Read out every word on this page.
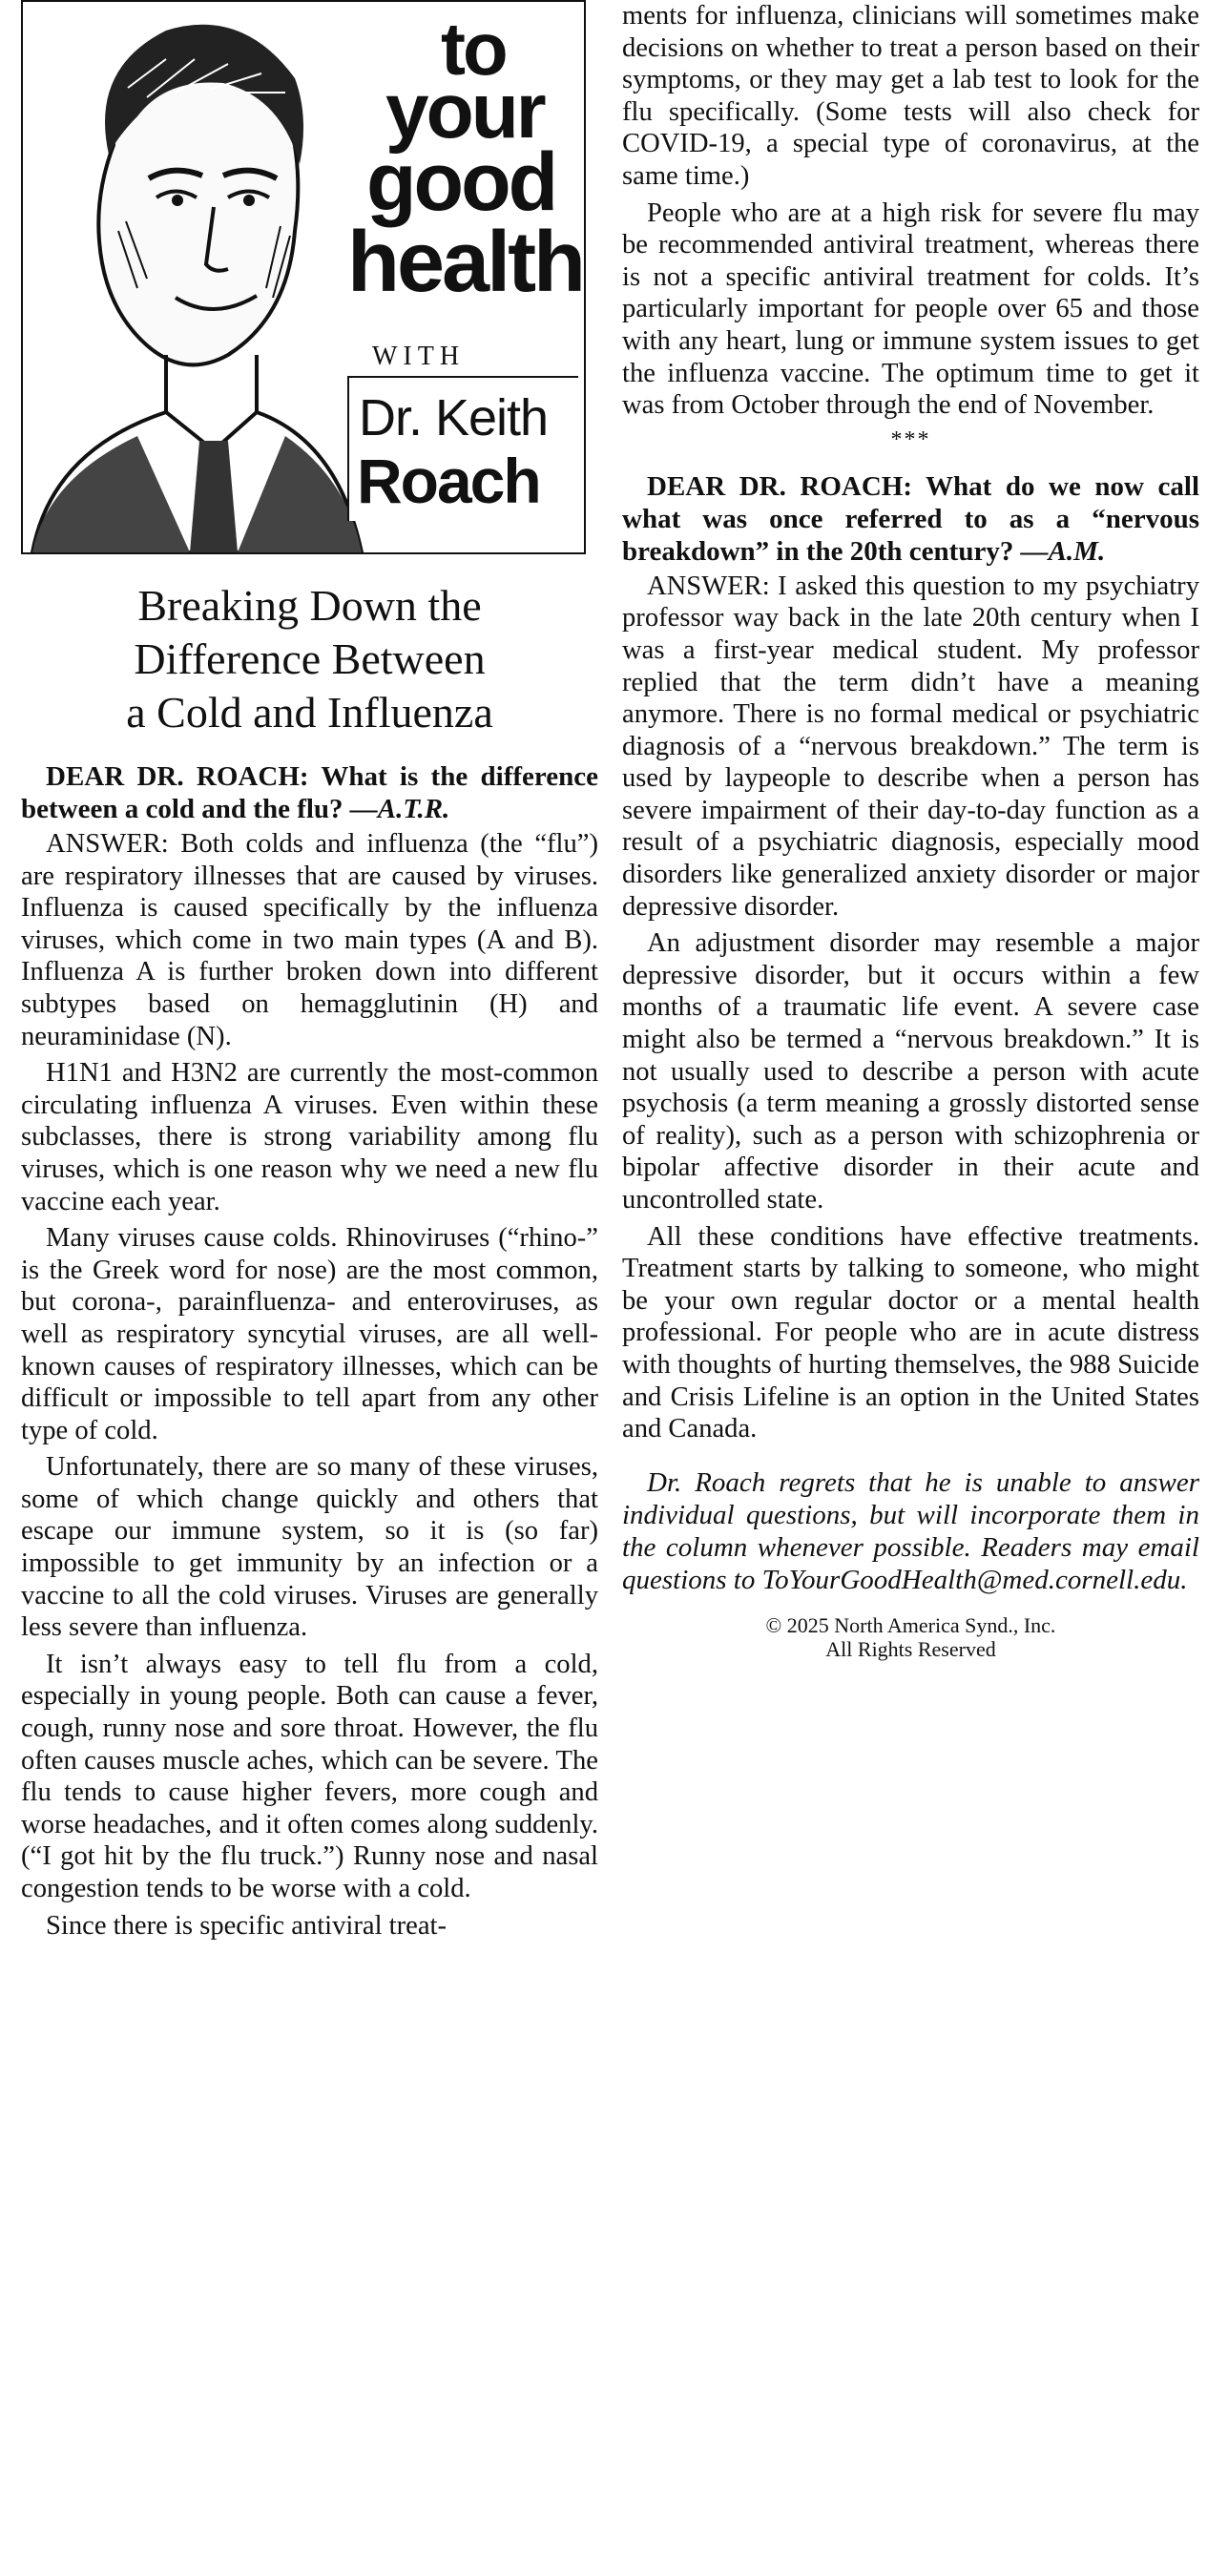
to
your
good
health
WITH
Dr. Keith
Roach
Breaking Down the
Difference Between
a Cold and Influenza

DEAR DR. ROACH: What is the difference between a cold and the flu? —A.T.R.

ANSWER: Both colds and influenza (the “flu”) are respiratory illnesses that are caused by viruses. Influenza is caused specifically by the influenza viruses, which come in two main types (A and B). Influenza A is further broken down into different subtypes based on hemagglutinin (H) and neuraminidase (N).

H1N1 and H3N2 are currently the most-common circulating influenza A viruses. Even within these subclasses, there is strong variability among flu viruses, which is one reason why we need a new flu vaccine each year.

Many viruses cause colds. Rhinoviruses (“rhino-” is the Greek word for nose) are the most common, but corona-, parainfluenza- and enteroviruses, as well as respiratory syncytial viruses, are all well-known causes of respiratory illnesses, which can be difficult or impossible to tell apart from any other type of cold.

Unfortunately, there are so many of these viruses, some of which change quickly and others that escape our immune system, so it is (so far) impossible to get immunity by an infection or a vaccine to all the cold viruses. Viruses are generally less severe than influenza.

It isn’t always easy to tell flu from a cold, especially in young people. Both can cause a fever, cough, runny nose and sore throat. However, the flu often causes muscle aches, which can be severe. The flu tends to cause higher fevers, more cough and worse headaches, and it often comes along suddenly. (“I got hit by the flu truck.”) Runny nose and nasal congestion tends to be worse with a cold.

Since there is specific antiviral treat-

ments for influenza, clinicians will sometimes make decisions on whether to treat a person based on their symptoms, or they may get a lab test to look for the flu specifically. (Some tests will also check for COVID-19, a special type of coronavirus, at the same time.)

People who are at a high risk for severe flu may be recommended antiviral treatment, whereas there is not a specific antiviral treatment for colds. It’s particularly important for people over 65 and those with any heart, lung or immune system issues to get the influenza vaccine. The optimum time to get it was from October through the end of November.

***

DEAR DR. ROACH: What do we now call what was once referred to as a “nervous breakdown” in the 20th century? —A.M.

ANSWER: I asked this question to my psychiatry professor way back in the late 20th century when I was a first-year medical student. My professor replied that the term didn’t have a meaning anymore. There is no formal medical or psychiatric diagnosis of a “nervous breakdown.” The term is used by laypeople to describe when a person has severe impairment of their day-to-day function as a result of a psychiatric diagnosis, especially mood disorders like generalized anxiety disorder or major depressive disorder.

An adjustment disorder may resemble a major depressive disorder, but it occurs within a few months of a traumatic life event. A severe case might also be termed a “nervous breakdown.” It is not usually used to describe a person with acute psychosis (a term meaning a grossly distorted sense of reality), such as a person with schizophrenia or bipolar affective disorder in their acute and uncontrolled state.

All these conditions have effective treatments. Treatment starts by talking to someone, who might be your own regular doctor or a mental health professional. For people who are in acute distress with thoughts of hurting themselves, the 988 Suicide and Crisis Lifeline is an option in the United States and Canada.

Dr. Roach regrets that he is unable to answer individual questions, but will incorporate them in the column whenever possible. Readers may email questions to ToYourGoodHealth@med.cornell.edu.

© 2025 North America Synd., Inc.
All Rights Reserved
